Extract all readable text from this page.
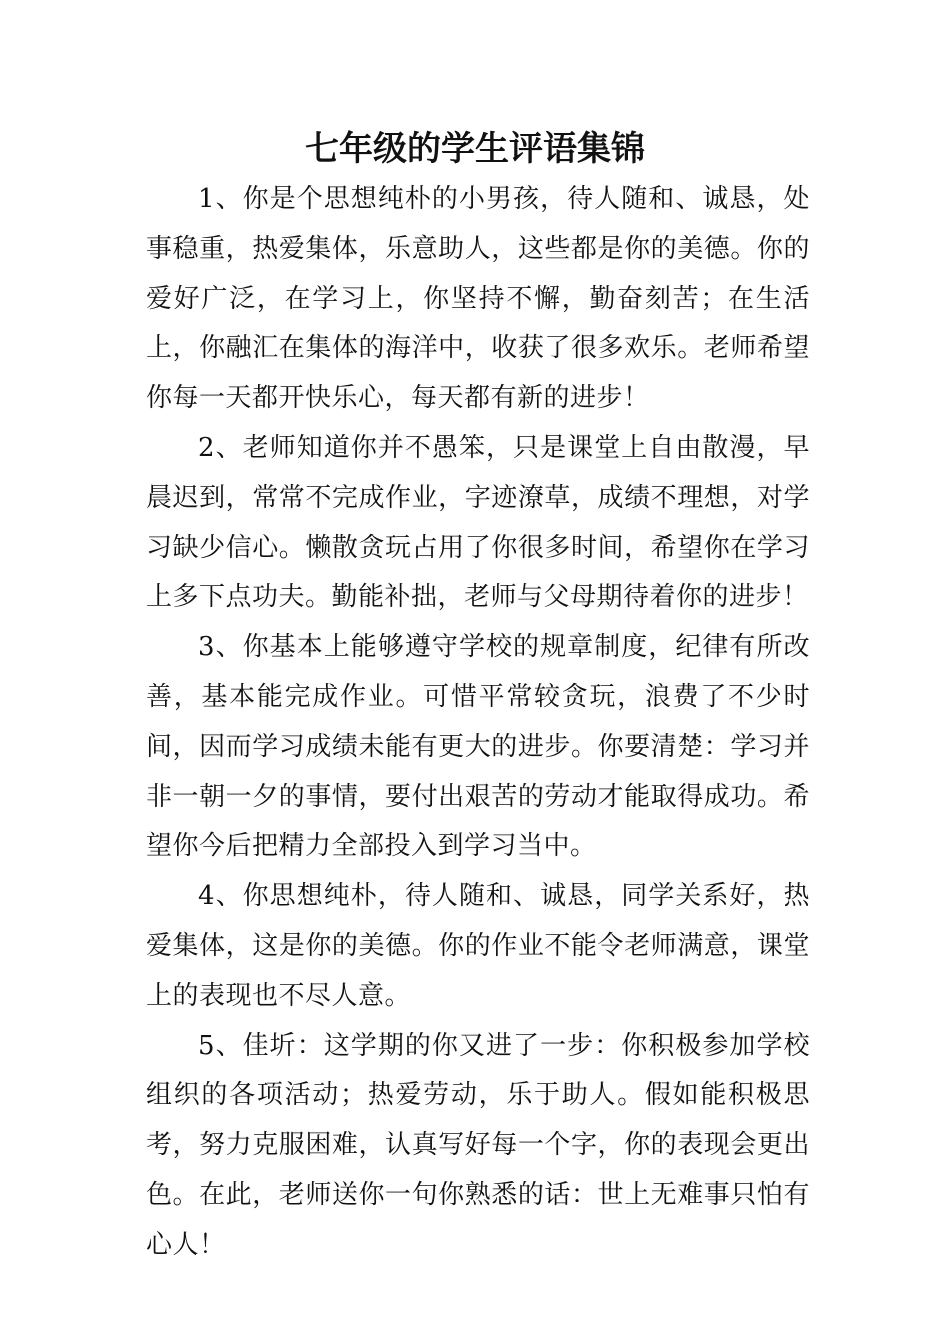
七年级的学生评语集锦

1、你是个思想纯朴的小男孩，待人随和、诚恳，处事稳重，热爱集体，乐意助人，这些都是你的美德。你的爱好广泛，在学习上，你坚持不懈，勤奋刻苦；在生活上，你融汇在集体的海洋中，收获了很多欢乐。老师希望你每一天都开快乐心，每天都有新的进步！

2、老师知道你并不愚笨，只是课堂上自由散漫，早晨迟到，常常不完成作业，字迹潦草，成绩不理想，对学习缺少信心。懒散贪玩占用了你很多时间，希望你在学习上多下点功夫。勤能补拙，老师与父母期待着你的进步！

3、你基本上能够遵守学校的规章制度，纪律有所改善，基本能完成作业。可惜平常较贪玩，浪费了不少时间，因而学习成绩未能有更大的进步。你要清楚：学习并非一朝一夕的事情，要付出艰苦的劳动才能取得成功。希望你今后把精力全部投入到学习当中。

4、你思想纯朴，待人随和、诚恳，同学关系好，热爱集体，这是你的美德。你的作业不能令老师满意，课堂上的表现也不尽人意。

5、佳圻：这学期的你又进了一步：你积极参加学校组织的各项活动；热爱劳动，乐于助人。假如能积极思考，努力克服困难，认真写好每一个字，你的表现会更出色。在此，老师送你一句你熟悉的话：世上无难事只怕有心人！
